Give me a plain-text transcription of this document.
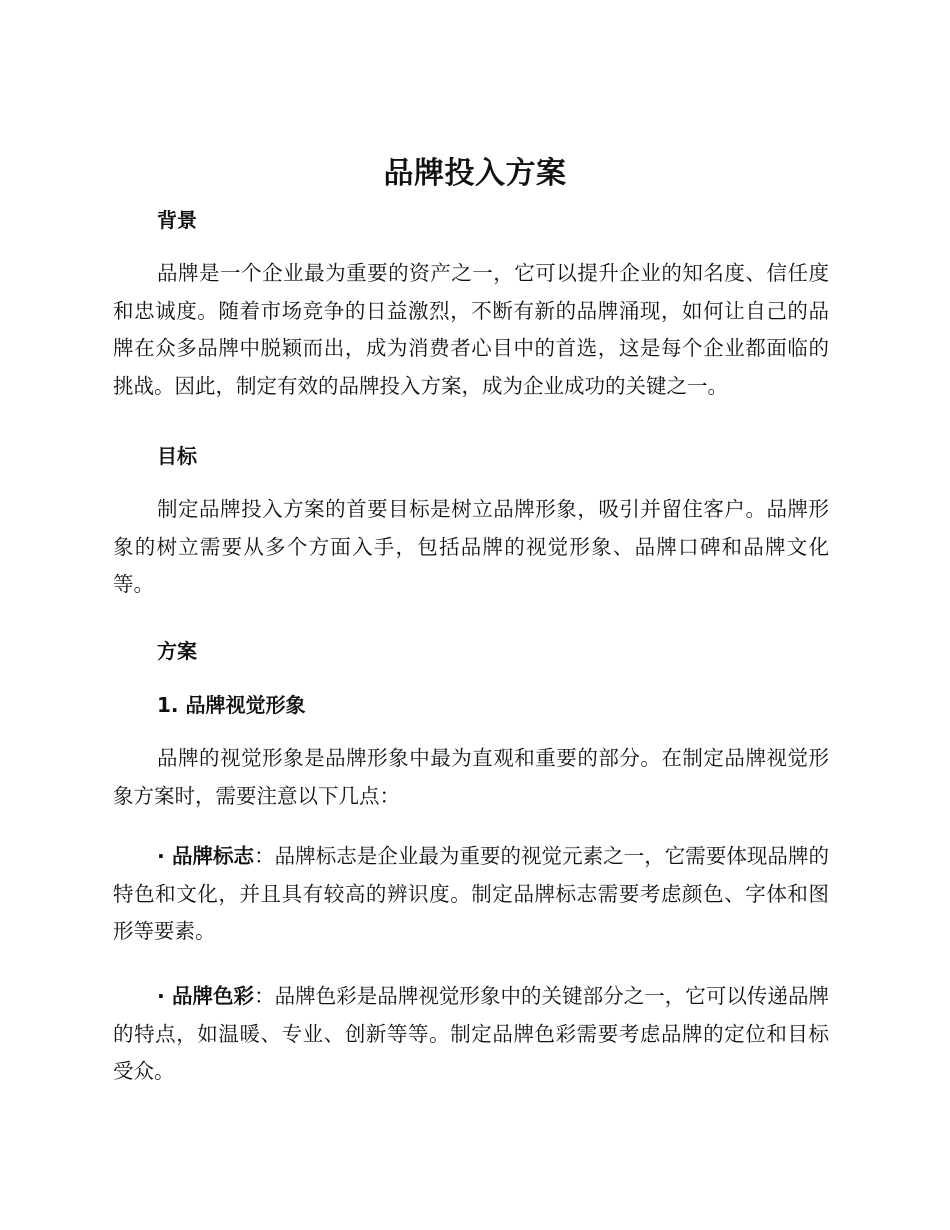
品牌投入方案
背景

品牌是一个企业最为重要的资产之一，它可以提升企业的知名度、信任度和忠诚度。随着市场竞争的日益激烈，不断有新的品牌涌现，如何让自己的品牌在众多品牌中脱颖而出，成为消费者心目中的首选，这是每个企业都面临的挑战。因此，制定有效的品牌投入方案，成为企业成功的关键之一。

目标

制定品牌投入方案的首要目标是树立品牌形象，吸引并留住客户。品牌形象的树立需要从多个方面入手，包括品牌的视觉形象、品牌口碑和品牌文化等。

方案
1. 品牌视觉形象

品牌的视觉形象是品牌形象中最为直观和重要的部分。在制定品牌视觉形象方案时，需要注意以下几点：

· 品牌标志：品牌标志是企业最为重要的视觉元素之一，它需要体现品牌的特色和文化，并且具有较高的辨识度。制定品牌标志需要考虑颜色、字体和图形等要素。

· 品牌色彩：品牌色彩是品牌视觉形象中的关键部分之一，它可以传递品牌的特点，如温暖、专业、创新等等。制定品牌色彩需要考虑品牌的定位和目标受众。
